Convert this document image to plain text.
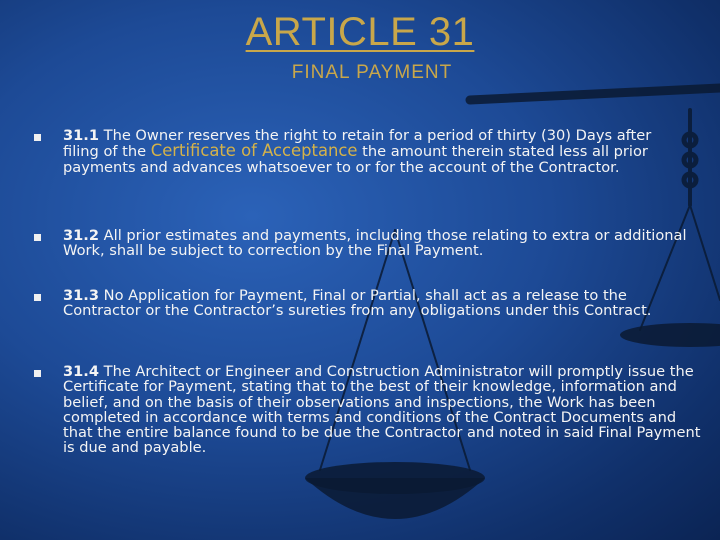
ARTICLE 31
FINAL PAYMENT
31.1 The Owner reserves the right to retain for a period of thirty (30) Days after filing of the Certificate of Acceptance the amount therein stated less all prior payments and advances whatsoever to or for the account of the Contractor.
31.2 All prior estimates and payments, including those relating to extra or additional Work, shall be subject to correction by the Final Payment.
31.3 No Application for Payment, Final or Partial, shall act as a release to the Contractor or the Contractor’s sureties from any obligations under this Contract.
31.4 The Architect or Engineer and Construction Administrator will promptly issue the Certificate for Payment, stating that to the best of their knowledge, information and belief, and on the basis of their observations and inspections, the Work has been completed in accordance with terms and conditions of the Contract Documents and that the entire balance found to be due the Contractor and noted in said Final Payment is due and payable.
